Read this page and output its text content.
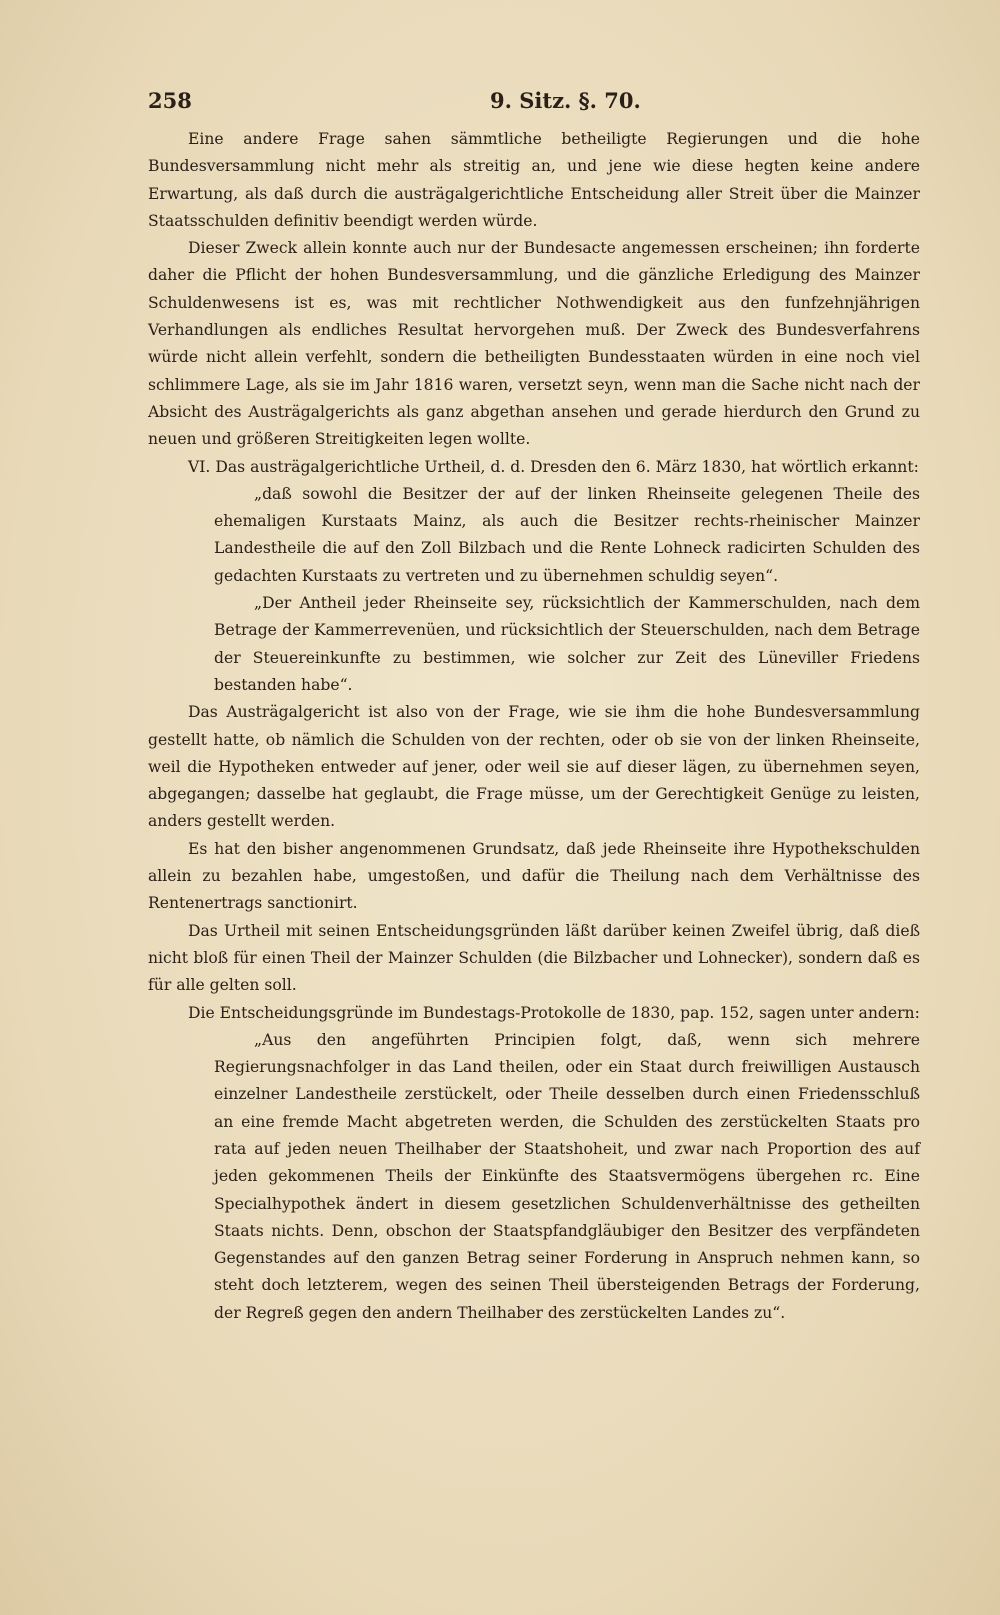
258	9. Sitz. §. 70.

Eine andere Frage sahen sämmtliche betheiligte Regierungen und die hohe Bundesversammlung nicht mehr als streitig an, und jene wie diese hegten keine andere Erwartung, als daß durch die austrägalgerichtliche Entscheidung aller Streit über die Mainzer Staatsschulden definitiv beendigt werden würde.

Dieser Zweck allein konnte auch nur der Bundesacte angemessen erscheinen; ihn forderte daher die Pflicht der hohen Bundesversammlung, und die gänzliche Erledigung des Mainzer Schuldenwesens ist es, was mit rechtlicher Nothwendigkeit aus den funfzehnjährigen Verhandlungen als endliches Resultat hervorgehen muß. Der Zweck des Bundesverfahrens würde nicht allein verfehlt, sondern die betheiligten Bundesstaaten würden in eine noch viel schlimmere Lage, als sie im Jahr 1816 waren, versetzt seyn, wenn man die Sache nicht nach der Absicht des Austrägalgerichts als ganz abgethan ansehen und gerade hierdurch den Grund zu neuen und größeren Streitigkeiten legen wollte.

VI. Das austrägalgerichtliche Urtheil, d. d. Dresden den 6. März 1830, hat wörtlich erkannt:

„daß sowohl die Besitzer der auf der linken Rheinseite gelegenen Theile des ehemaligen Kurstaats Mainz, als auch die Besitzer rechts-rheinischer Mainzer Landestheile die auf den Zoll Bilzbach und die Rente Lohneck radicirten Schulden des gedachten Kurstaats zu vertreten und zu übernehmen schuldig seyen“.

„Der Antheil jeder Rheinseite sey, rücksichtlich der Kammerschulden, nach dem Betrage der Kammerrevenüen, und rücksichtlich der Steuerschulden, nach dem Betrage der Steuereinkunfte zu bestimmen, wie solcher zur Zeit des Lüneviller Friedens bestanden habe“.

Das Austrägalgericht ist also von der Frage, wie sie ihm die hohe Bundesversammlung gestellt hatte, ob nämlich die Schulden von der rechten, oder ob sie von der linken Rheinseite, weil die Hypotheken entweder auf jener, oder weil sie auf dieser lägen, zu übernehmen seyen, abgegangen; dasselbe hat geglaubt, die Frage müsse, um der Gerechtigkeit Genüge zu leisten, anders gestellt werden.

Es hat den bisher angenommenen Grundsatz, daß jede Rheinseite ihre Hypothekschulden allein zu bezahlen habe, umgestoßen, und dafür die Theilung nach dem Verhältnisse des Rentenertrags sanctionirt.

Das Urtheil mit seinen Entscheidungsgründen läßt darüber keinen Zweifel übrig, daß dieß nicht bloß für einen Theil der Mainzer Schulden (die Bilzbacher und Lohnecker), sondern daß es für alle gelten soll.

Die Entscheidungsgründe im Bundestags-Protokolle de 1830, pap. 152, sagen unter andern:

„Aus den angeführten Principien folgt, daß, wenn sich mehrere Regierungsnachfolger in das Land theilen, oder ein Staat durch freiwilligen Austausch einzelner Landestheile zerstückelt, oder Theile desselben durch einen Friedensschluß an eine fremde Macht abgetreten werden, die Schulden des zerstückelten Staats pro rata auf jeden neuen Theilhaber der Staatshoheit, und zwar nach Proportion des auf jeden gekommenen Theils der Einkünfte des Staatsvermögens übergehen rc. Eine Specialhypothek ändert in diesem gesetzlichen Schuldenverhältnisse des getheilten Staats nichts. Denn, obschon der Staatspfandgläubiger den Besitzer des verpfändeten Gegenstandes auf den ganzen Betrag seiner Forderung in Anspruch nehmen kann, so steht doch letzterem, wegen des seinen Theil übersteigenden Betrags der Forderung, der Regreß gegen den andern Theilhaber des zerstückelten Landes zu“.
